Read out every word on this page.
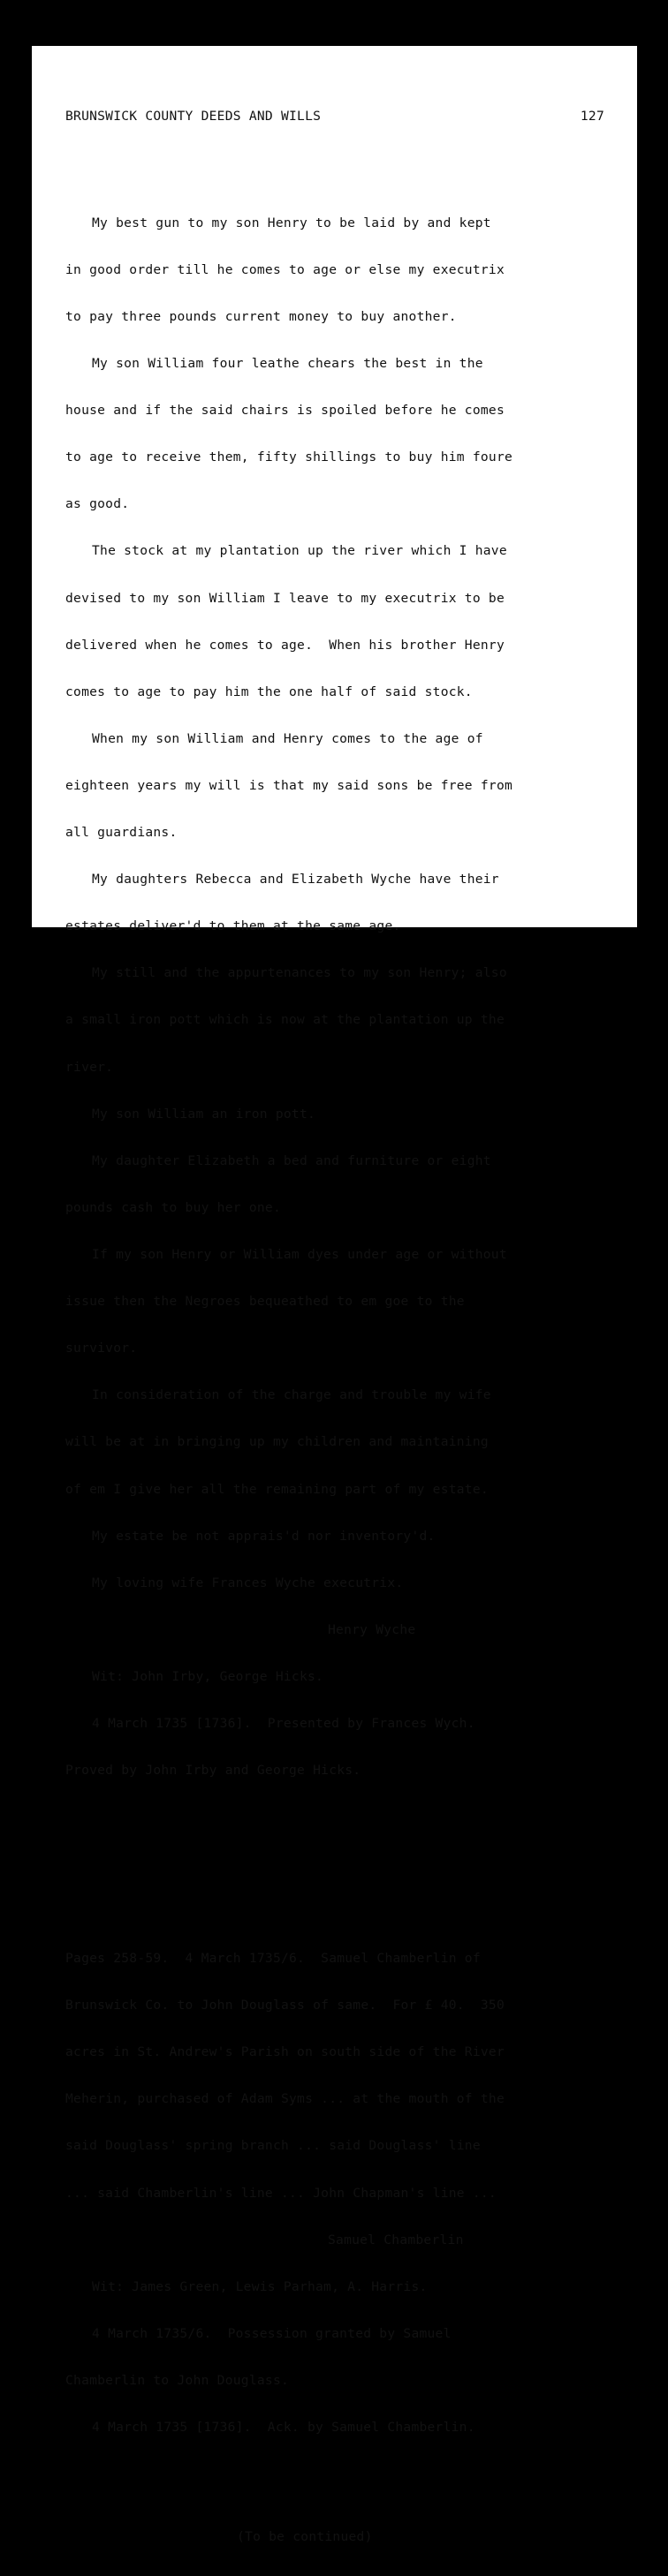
BRUNSWICK COUNTY DEEDS AND WILLS	127

My best gun to my son Henry to be laid by and kept

in good order till he comes to age or else my executrix

to pay three pounds current money to buy another.

My son William four leathe chears the best in the

house and if the said chairs is spoiled before he comes

to age to receive them, fifty shillings to buy him foure

as good.

The stock at my plantation up the river which I have

devised to my son William I leave to my executrix to be

delivered when he comes to age.  When his brother Henry

comes to age to pay him the one half of said stock.

When my son William and Henry comes to the age of

eighteen years my will is that my said sons be free from

all guardians.

My daughters Rebecca and Elizabeth Wyche have their

estates deliver'd to them at the same age.

My still and the appurtenances to my son Henry; also

a small iron pott which is now at the plantation up the

river.

My son William an iron pott.

My daughter Elizabeth a bed and furniture or eight

pounds cash to buy her one.

If my son Henry or William dyes under age or without

issue then the Negroes bequeathed to em goe to the

survivor.

In consideration of the charge and trouble my wife

will be at in bringing up my children and maintaining

of em I give her all the remaining part of my estate.

My estate be not apprais'd nor inventory'd.

My loving wife Frances Wyche executrix.

Henry Wyche

Wit: John Irby, George Hicks.

4 March 1735 [1736].  Presented by Frances Wych.

Proved by John Irby and George Hicks.

Pages 258-59.  4 March 1735/6.  Samuel Chamberlin of

Brunswick Co. to John Douglass of same.  For £ 40.  350

acres in St. Andrew's Parish on south side of the River

Meherin, purchased of Adam Syms ... at the mouth of the

said Douglass' spring branch ... said Douglass' line

... said Chamberlin's line ... John Chapman's line ...

Samuel Chamberlin

Wit: James Green, Lewis Parham, A. Harris.

4 March 1735/6.  Possession granted by Samuel

Chamberlin to John Douglass.

4 March 1735 [1736].  Ack. by Samuel Chamberlin.

(To be continued)
